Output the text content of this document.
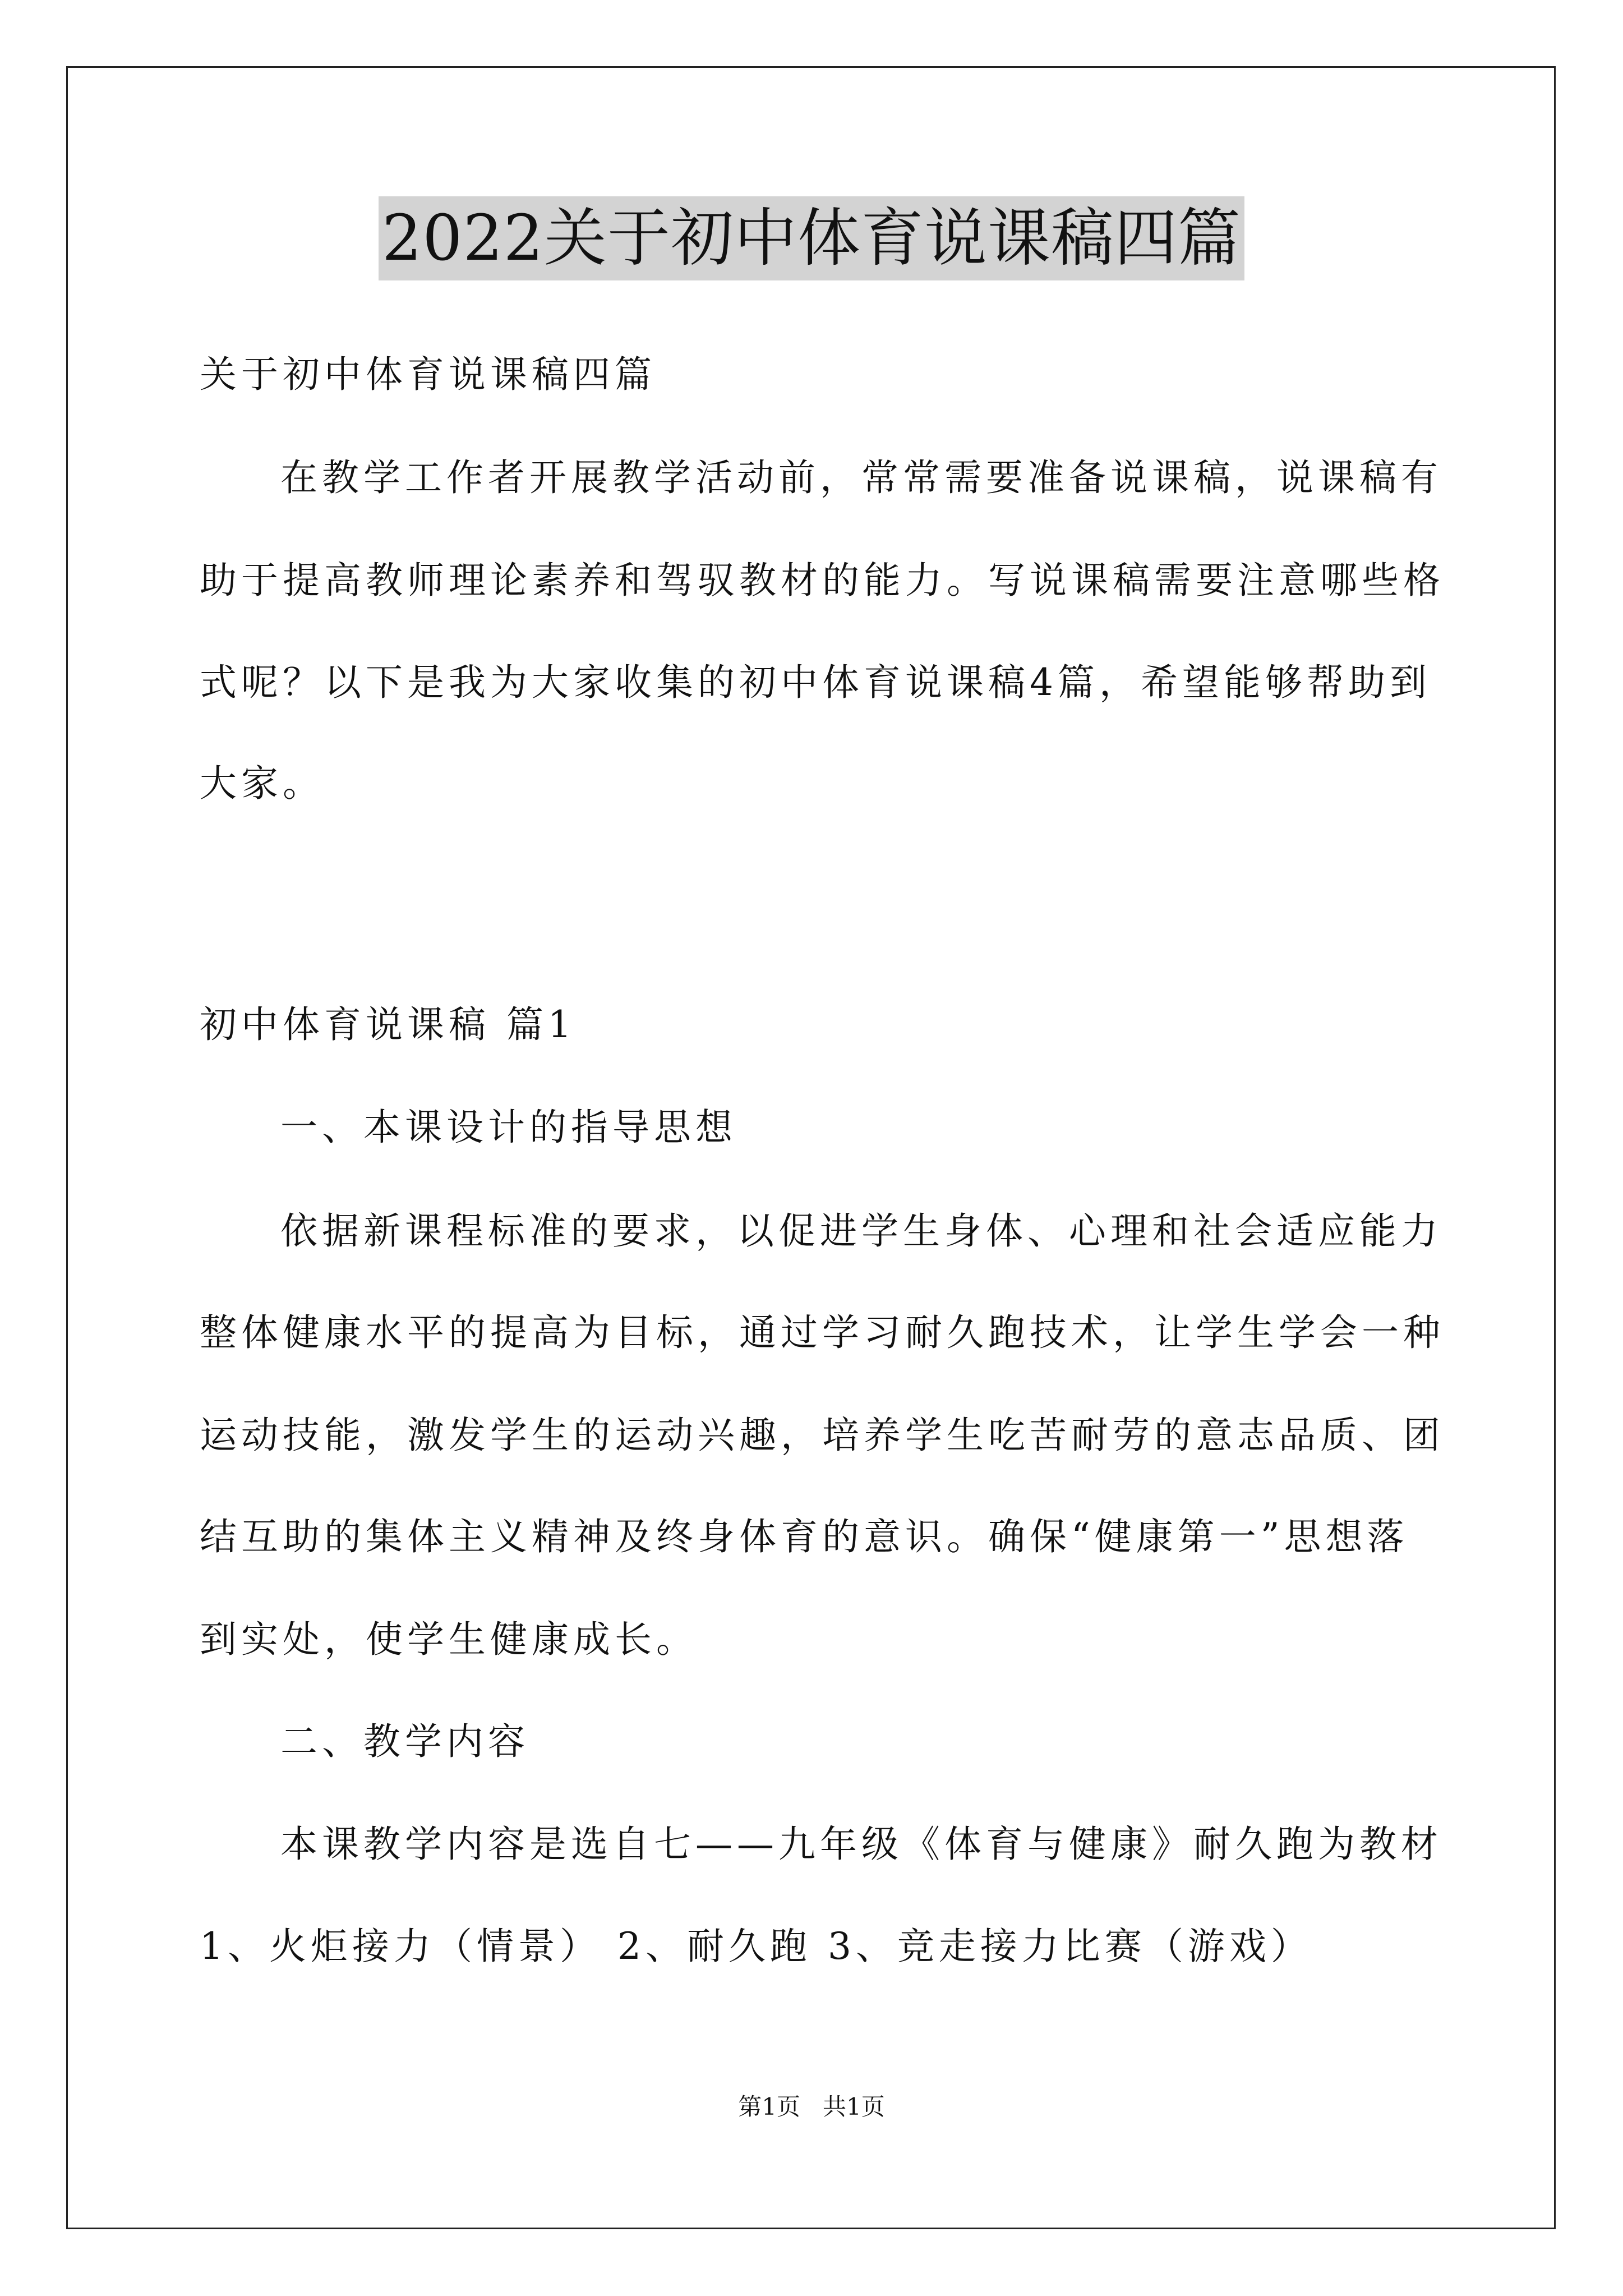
2022关于初中体育说课稿四篇
关于初中体育说课稿四篇
在教学工作者开展教学活动前，常常需要准备说课稿，说课稿有
助于提高教师理论素养和驾驭教材的能力。写说课稿需要注意哪些格
式呢？以下是我为大家收集的初中体育说课稿4篇，希望能够帮助到
大家。
初中体育说课稿 篇1
一、本课设计的指导思想
依据新课程标准的要求，以促进学生身体、心理和社会适应能力
整体健康水平的提高为目标，通过学习耐久跑技术，让学生学会一种
运动技能，激发学生的运动兴趣，培养学生吃苦耐劳的意志品质、团
结互助的集体主义精神及终身体育的意识。确保“健康第一”思想落
到实处，使学生健康成长。
二、教学内容
本课教学内容是选自七——九年级《体育与健康》耐久跑为教材
1、火炬接力（情景） 2、耐久跑 3、竞走接力比赛（游戏）
第1页   共1页
